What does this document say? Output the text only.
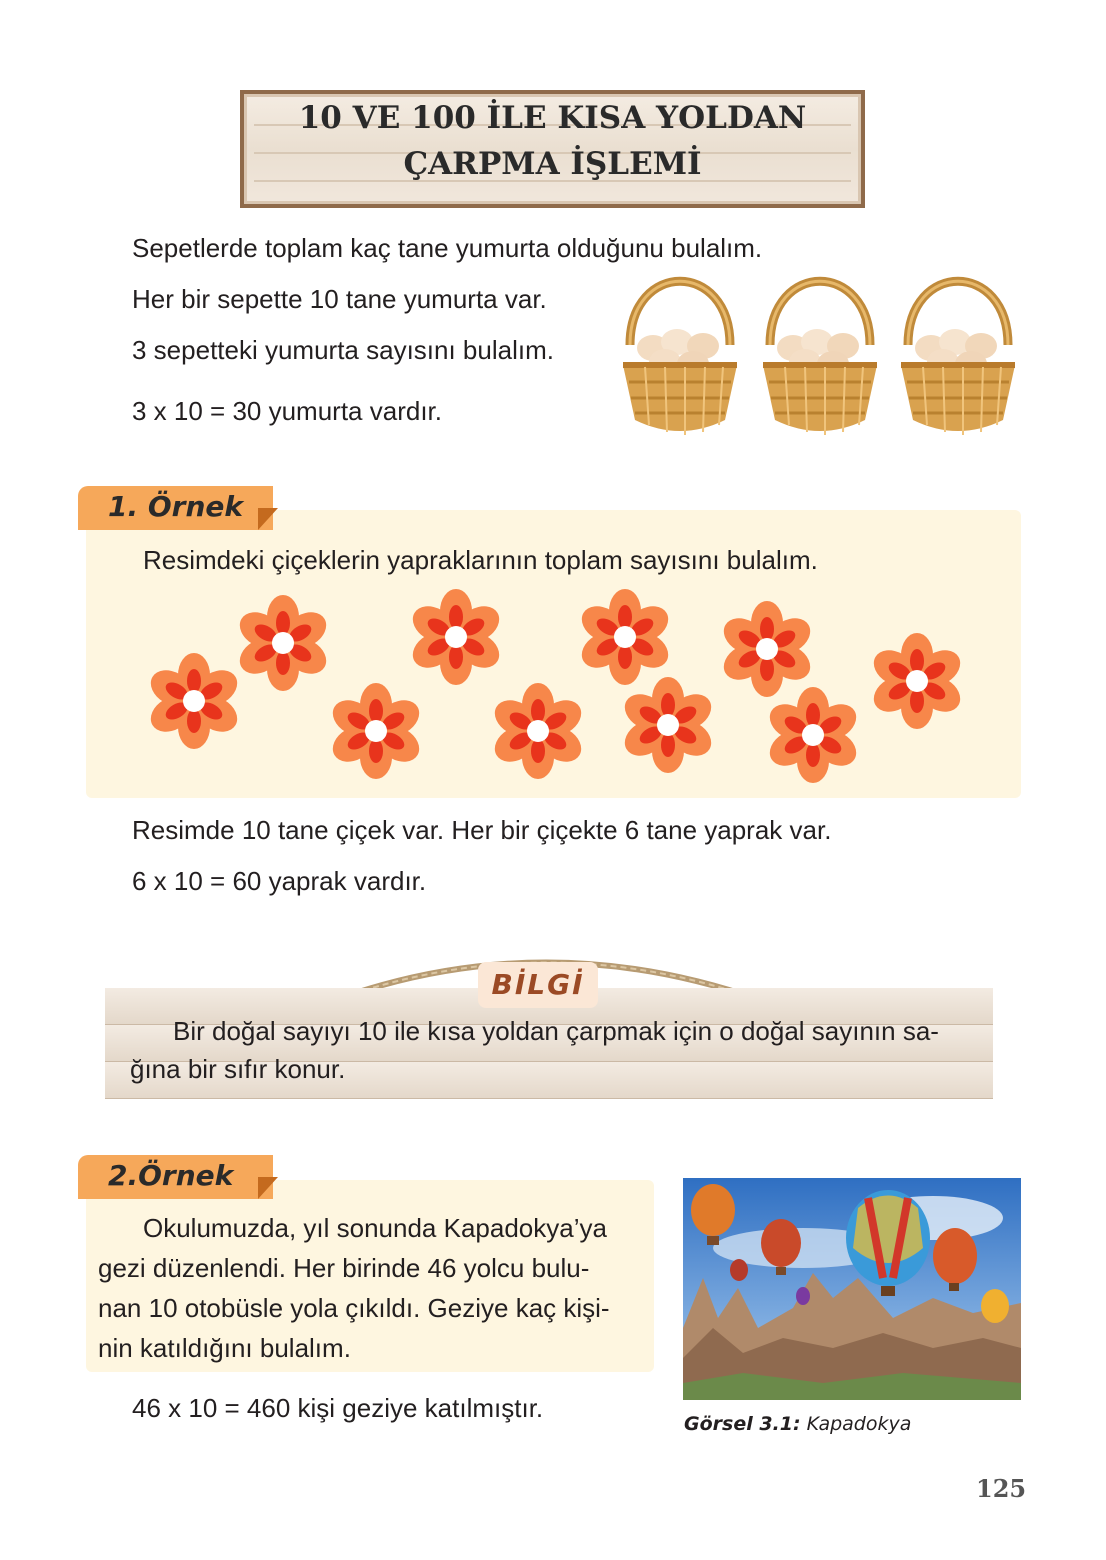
10 VE 100 İLE KISA YOLDAN
ÇARPMA İŞLEMİ
Sepetlerde toplam kaç tane yumurta olduğunu bulalım.
Her bir sepette 10 tane yumurta var.
3 sepetteki yumurta sayısını bulalım.
3 x 10 = 30 yumurta vardır.
1. Örnek
Resimdeki çiçeklerin yapraklarının toplam sayısını bulalım.
Resimde 10 tane çiçek var. Her bir çiçekte 6 tane yaprak var.
6 x 10 = 60 yaprak vardır.
BİLGİ
Bir doğal sayıyı 10 ile kısa yoldan çarpmak için o doğal sayının sa-
ğına bir sıfır konur.
2.Örnek
Okulumuzda, yıl sonunda Kapadokya’ya
gezi düzenlendi. Her birinde 46 yolcu bulu-
nan 10 otobüsle yola çıkıldı. Geziye kaç kişi-
nin katıldığını bulalım.
46 x 10 = 460 kişi geziye katılmıştır.
Görsel 3.1: Kapadokya
125
